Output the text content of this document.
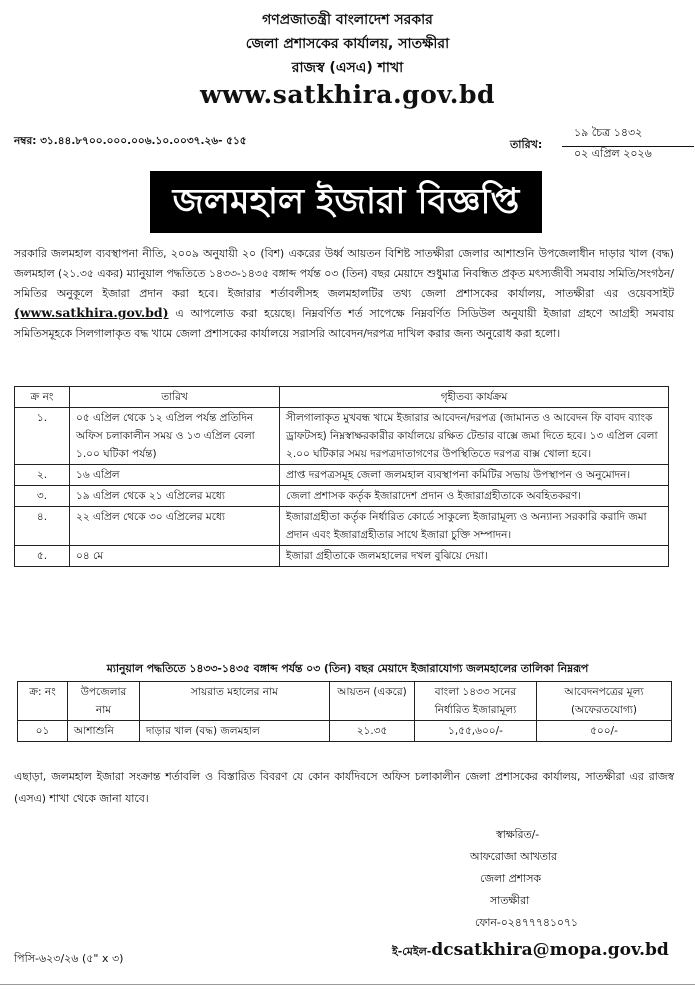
গণপ্রজাতন্ত্রী বাংলাদেশ সরকার
জেলা প্রশাসকের কার্যালয়, সাতক্ষীরা
রাজস্ব (এসএ) শাখা
www.satkhira.gov.bd
নম্বর: ৩১.৪৪.৮৭০০.০০০.০০৬.১০.০০৩৭.২৬- ৫১৫	তারিখ:
১৯ চৈত্র ১৪৩২
০২ এপ্রিল ২০২৬
জলমহাল ইজারা বিজ্ঞপ্তি
সরকারি জলমহাল ব্যবস্থাপনা নীতি, ২০০৯ অনুযায়ী ২০ (বিশ) একরের উর্ধ্ব আয়তন বিশিষ্ট সাতক্ষীরা জেলার আশাশুনি উপজেলাধীন দাড়ার খাল (বদ্ধ) জলমহাল (২১.৩৫ একর) ম্যানুয়াল পদ্ধতিতে ১৪৩৩-১৪৩৫ বঙ্গাব্দ পর্যন্ত ০৩ (তিন) বছর মেয়াদে শুধুমাত্র নিবন্ধিত প্রকৃত মৎস্যজীবী সমবায় সমিতি/সংগঠন/সমিতির অনুকূলে ইজারা প্রদান করা হবে। ইজারার শর্তাবলীসহ জলমহালটির তথ্য জেলা প্রশাসকের কার্যালয়, সাতক্ষীরা এর ওয়েবসাইট (www.satkhira.gov.bd) এ আপলোড করা হয়েছে। নিম্নবর্ণিত শর্ত সাপেক্ষে নিম্নবর্ণিত সিডিউল অনুযায়ী ইজারা গ্রহণে আগ্রহী সমবায় সমিতিসমূহকে সিলগালাকৃত বদ্ধ খামে জেলা প্রশাসকের কার্যালয়ে সরাসরি আবেদন/দরপত্র দাখিল করার জন্য অনুরোধ করা হলো।
ক্র নং	তারিখ	গৃহীতব্য কার্যক্রম
১.	০৫ এপ্রিল থেকে ১২ এপ্রিল পর্যন্ত প্রতিদিন অফিস চলাকালীন সময় ও ১৩ এপ্রিল বেলা ১.০০ ঘটিকা পর্যন্ত)	সীলগালাকৃত মুখবন্ধ খামে ইজারার আবেদন/দরপত্র (জামানত ও আবেদন ফি বাবদ ব্যাংক ড্রাফটসহ) নিম্নস্বাক্ষরকারীর কার্যালয়ে রক্ষিত টেন্ডার বাক্সে জমা দিতে হবে। ১৩ এপ্রিল বেলা ২.০০ ঘটিকার সময় দরপত্রদাতাগণের উপস্থিতিতে দরপত্র বাক্স খোলা হবে।
২.	১৬ এপ্রিল	প্রাপ্ত দরপত্রসমূহ জেলা জলমহাল ব্যবস্থাপনা কমিটির সভায় উপস্থাপন ও অনুমোদন।
৩.	১৯ এপ্রিল থেকে ২১ এপ্রিলের মধ্যে	জেলা প্রশাসক কর্তৃক ইজারাদেশ প্রদান ও ইজারাগ্রহীতাকে অবহিতকরণ।
৪.	২২ এপ্রিল থেকে ৩০ এপ্রিলের মধ্যে	ইজারাগ্রহীতা কর্তৃক নির্ধারিত কোর্ডে সাকুল্যে ইজারামূল্য ও অন্যান্য সরকারি করাদি জমা প্রদান এবং ইজারাগ্রহীতার সাথে ইজারা চুক্তি সম্পাদন।
৫.	০৪ মে	ইজারা গ্রহীতাকে জলমহালের দখল বুঝিয়ে দেয়া।
ম্যানুয়াল পদ্ধতিতে ১৪৩৩-১৪৩৫ বঙ্গাব্দ পর্যন্ত ০৩ (তিন) বছর মেয়াদে ইজারাযোগ্য জলমহালের তালিকা নিম্নরূপ
ক্র: নং	উপজেলার নাম	সায়রাত মহালের নাম	আয়তন (একরে)	বাংলা ১৪৩৩ সনের নির্ধারিত ইজারামূল্য	আবেদনপত্রের মূল্য (অফেরতযোগ্য)
০১	আশাশুনি	দাড়ার খাল (বদ্ধ) জলমহাল	২১.৩৫	১,৫৫,৬০০/-	৫০০/-
এছাড়া, জলমহাল ইজারা সংক্রান্ত শর্তাবলি ও বিস্তারিত বিবরণ যে কোন কার্যদিবসে অফিস চলাকালীন জেলা প্রশাসকের কার্যালয়, সাতক্ষীরা এর রাজস্ব (এসএ) শাখা থেকে জানা যাবে।
স্বাক্ষরিত/-
আফরোজা আখতার
জেলা প্রশাসক
সাতক্ষীরা
ফোন-০২৪৭৭৭৪১০৭১
ই-মেইল-dcsatkhira@mopa.gov.bd
পিসি-৬২৩/২৬ (৫" x ৩)
